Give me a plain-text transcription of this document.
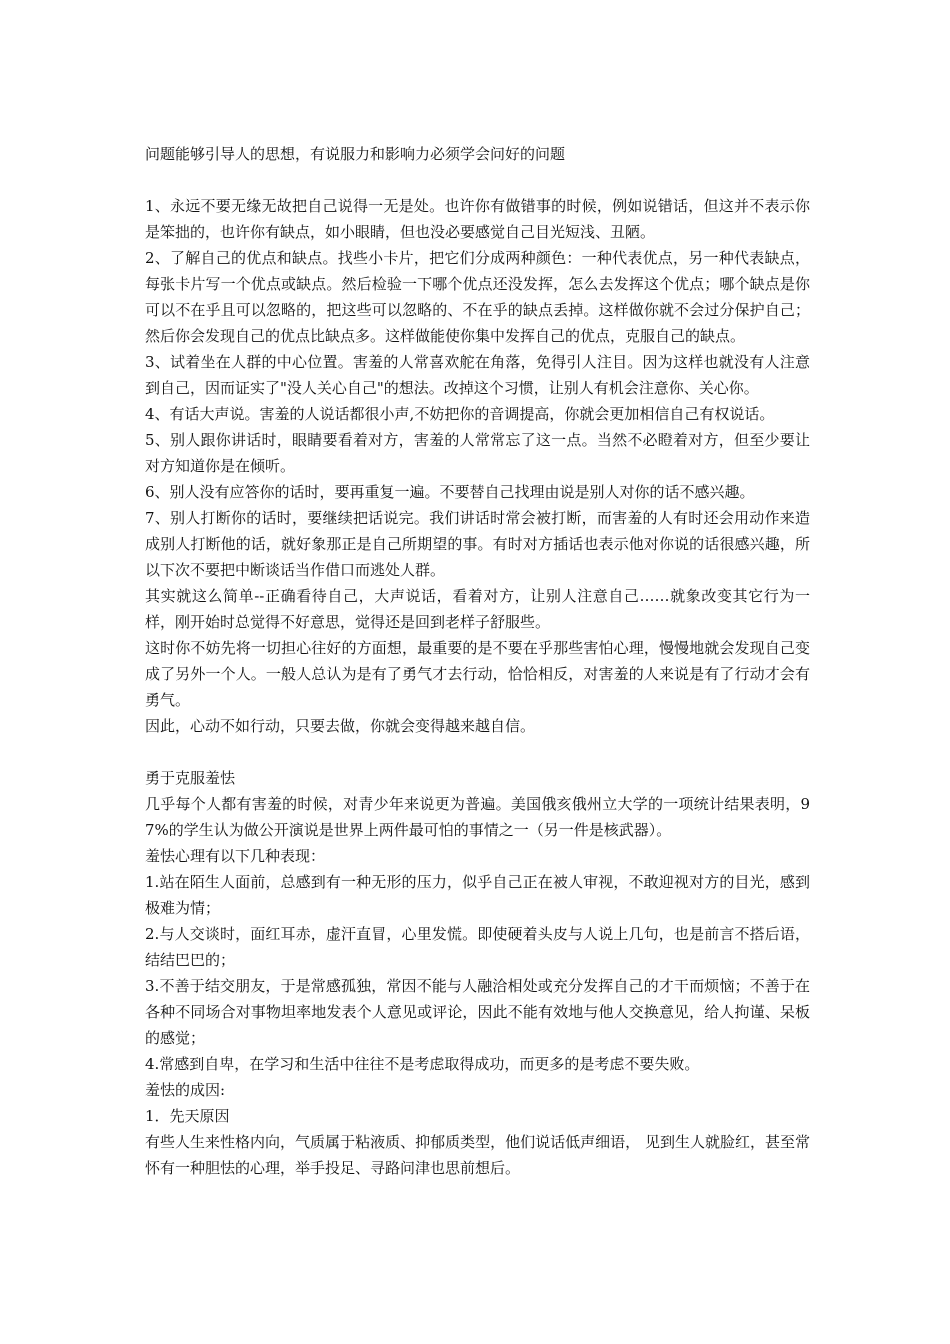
问题能够引导人的思想，有说服力和影响力必须学会问好的问题

1、永远不要无缘无故把自己说得一无是处。也许你有做错事的时候，例如说错话，但这并不表示你是笨拙的，也许你有缺点，如小眼睛，但也没必要感觉自己目光短浅、丑陋。

2、了解自己的优点和缺点。找些小卡片，把它们分成两种颜色：一种代表优点，另一种代表缺点，每张卡片写一个优点或缺点。然后检验一下哪个优点还没发挥，怎么去发挥这个优点；哪个缺点是你可以不在乎且可以忽略的，把这些可以忽略的、不在乎的缺点丢掉。这样做你就不会过分保护自己；然后你会发现自己的优点比缺点多。这样做能使你集中发挥自己的优点，克服自己的缺点。

3、试着坐在人群的中心位置。害羞的人常喜欢舵在角落，免得引人注目。因为这样也就没有人注意到自己，因而证实了"没人关心自己"的想法。改掉这个习惯，让别人有机会注意你、关心你。

4、有话大声说。害羞的人说话都很小声,不妨把你的音调提高，你就会更加相信自己有权说话。

5、别人跟你讲话时，眼睛要看着对方，害羞的人常常忘了这一点。当然不必瞪着对方，但至少要让对方知道你是在倾听。

6、别人没有应答你的话时，要再重复一遍。不要替自己找理由说是别人对你的话不感兴趣。

7、别人打断你的话时，要继续把话说完。我们讲话时常会被打断，而害羞的人有时还会用动作来造成别人打断他的话，就好象那正是自己所期望的事。有时对方插话也表示他对你说的话很感兴趣，所以下次不要把中断谈话当作借口而逃处人群。

其实就这么简单--正确看待自己，大声说话，看着对方，让别人注意自己……就象改变其它行为一样，刚开始时总觉得不好意思，觉得还是回到老样子舒服些。

这时你不妨先将一切担心往好的方面想，最重要的是不要在乎那些害怕心理，慢慢地就会发现自己变成了另外一个人。一般人总认为是有了勇气才去行动，恰恰相反，对害羞的人来说是有了行动才会有勇气。

因此，心动不如行动，只要去做，你就会变得越来越自信。

勇于克服羞怯

几乎每个人都有害羞的时候，对青少年来说更为普遍。美国俄亥俄州立大学的一项统计结果表明，97%的学生认为做公开演说是世界上两件最可怕的事情之一（另一件是核武器）。

羞怯心理有以下几种表现：

1.站在陌生人面前，总感到有一种无形的压力，似乎自己正在被人审视，不敢迎视对方的目光，感到极难为情；

2.与人交谈时，面红耳赤，虚汗直冒，心里发慌。即使硬着头皮与人说上几句，也是前言不搭后语，结结巴巴的；

3.不善于结交朋友，于是常感孤独，常因不能与人融洽相处或充分发挥自己的才干而烦恼；不善于在各种不同场合对事物坦率地发表个人意见或评论，因此不能有效地与他人交换意见，给人拘谨、呆板的感觉；

4.常感到自卑，在学习和生活中往往不是考虑取得成功，而更多的是考虑不要失败。

羞怯的成因:

1．先天原因

有些人生来性格内向，气质属于粘液质、抑郁质类型，他们说话低声细语， 见到生人就脸红，甚至常怀有一种胆怯的心理，举手投足、寻路问津也思前想后。
